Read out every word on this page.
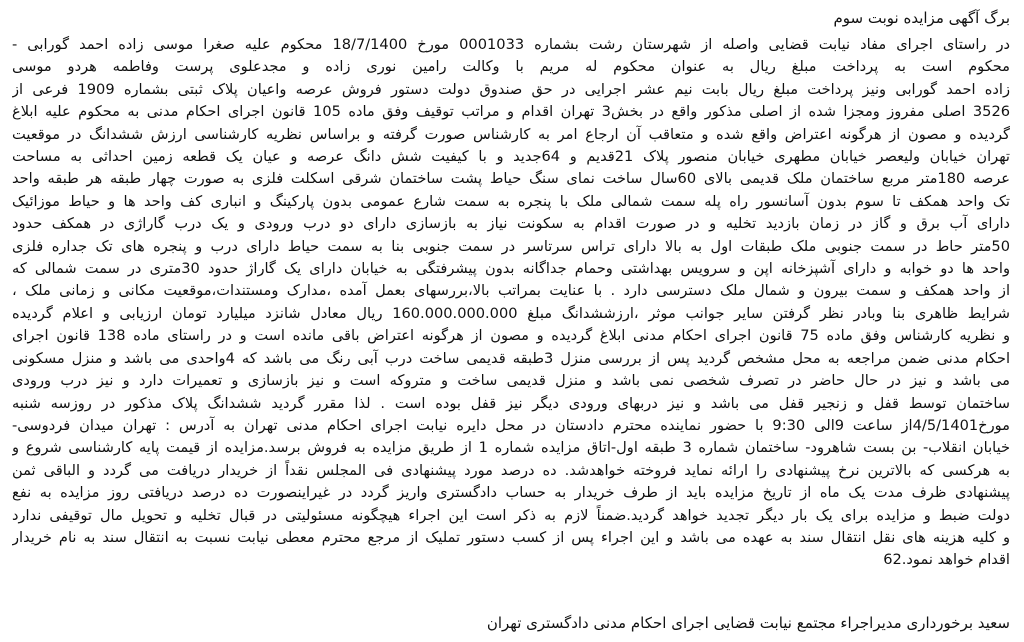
برگ آگهی مزایده نوبت سوم
در راستای اجرای مفاد نیابت قضایی واصله از شهرستان رشت بشماره 0001033 مورخ 18/7/1400 محکوم علیه صغرا موسی زاده احمد گورابی -
محکوم است به پرداخت مبلغ ریال به عنوان محکوم له مریم با وکالت رامین نوری زاده و مجدعلوی پرست وفاطمه هردو موسی
زاده احمد گورابی ونیز پرداخت مبلغ ریال بابت نیم عشر اجرایی در حق صندوق دولت دستور فروش عرصه واعیان پلاک ثبتی بشماره 1909 فرعی از
3526 اصلی مفروز ومجزا شده از اصلی مذکور واقع در بخش3 تهران اقدام و مراتب توقیف وفق ماده 105 قانون اجرای احکام مدنی به محکوم علیه ابلاغ
گردیده و مصون از هرگونه اعتراض واقع شده و متعاقب آن ارجاع امر به کارشناس صورت گرفته و براساس نظریه کارشناسی ارزش ششدانگ در موقعیت
تهران خیابان ولیعصر خیابان مطهری خیابان منصور پلاک 21قدیم و 64جدید و با کیفیت شش دانگ عرصه و عیان یک قطعه زمین احداثی به مساحت
عرصه 180متر مربع ساختمان ملک قدیمی بالای 60سال ساخت نمای سنگ حیاط پشت ساختمان شرقی اسکلت فلزی به صورت چهار طبقه هر طبقه واحد
تک واحد همکف تا سوم بدون آسانسور راه پله سمت شمالی ملک با پنجره به سمت شارع عمومی بدون پارکینگ و انباری کف واحد ها و حیاط موزائیک
دارای آب برق و گاز در زمان بازدید تخلیه و در صورت اقدام به سکونت نیاز به بازسازی دارای دو درب ورودی و یک درب گاراژی در همکف حدود
50متر حاط در سمت جنوبی ملک طبقات اول به بالا دارای تراس سرتاسر در سمت جنوبی بنا به سمت حیاط دارای درب و پنجره های تک جداره فلزی
واحد ها دو خوابه و دارای آشپزخانه اپن و سرویس بهداشتی وحمام جداگانه بدون پیشرفتگی به خیابان دارای یک گاراژ حدود 30متری در سمت شمالی که
از واحد همکف و سمت بیرون و شمال ملک دسترسی دارد . با عنایت بمراتب بالا،بررسهای بعمل آمده ،مدارک ومستندات،موقعیت مکانی و زمانی ملک ،
شرایط ظاهری بنا وبادر نظر گرفتن سایر جوانب موثر ،ارزششدانگ مبلغ 160.000.000.000 ریال معادل شانزد میلیارد تومان ارزیابی و اعلام گردیده
و نظریه کارشناس وفق ماده 75 قانون اجرای احکام مدنی ابلاغ گردیده و مصون از هرگونه اعتراض باقی مانده است و در راستای ماده 138 قانون اجرای
احکام مدنی ضمن مراجعه به محل مشخص گردید پس از بررسی منزل 3طبقه قدیمی ساخت درب آبی رنگ می باشد که 4واحدی می باشد و منزل مسکونی
می باشد و نیز در حال حاضر در تصرف شخصی نمی باشد و منزل قدیمی ساخت و متروکه است و نیز بازسازی و تعمیرات دارد و نیز درب ورودی
ساختمان توسط قفل و زنجیر قفل می باشد و نیز دربهای ورودی دیگر نیز قفل بوده است . لذا مقرر گردید ششدانگ پلاک مذکور در روزسه شنبه
مورخ4/5/1401از ساعت 9الی 9:30 با حضور نماینده محترم دادستان در محل دایره نیابت اجرای احکام مدنی تهران به آدرس : تهران میدان فردوسی-
خیابان انقلاب- بن بست شاهرود- ساختمان شماره 3 طبقه اول-اتاق مزایده شماره 1 از طریق مزایده به فروش برسد.مزایده از قیمت پایه کارشناسی شروع و
به هرکسی که بالاترین نرخ پیشنهادی را ارائه نماید فروخته خواهدشد. ده درصد مورد پیشنهادی فی المجلس نقداً از خریدار دریافت می گردد و الباقی ثمن
پیشنهادی ظرف مدت یک ماه از تاریخ مزایده باید از طرف خریدار به حساب دادگستری واریز گردد در غیراینصورت ده درصد دریافتی روز مزایده به نفع
دولت ضبط و مزایده برای یک بار دیگر تجدید خواهد گردید.ضمناً لازم به ذکر است این اجراء هیچگونه مسئولیتی در قبال تخلیه و تحویل مال توقیفی ندارد
و کلیه هزینه های نقل انتقال سند به عهده می باشد و این اجراء پس از کسب دستور تملیک از مرجع محترم معطی نیابت نسبت به انتقال سند به نام خریدار
اقدام خواهد نمود.62
سعید برخورداری مدیراجراء مجتمع نیابت قضایی اجرای احکام مدنی دادگستری تهران
